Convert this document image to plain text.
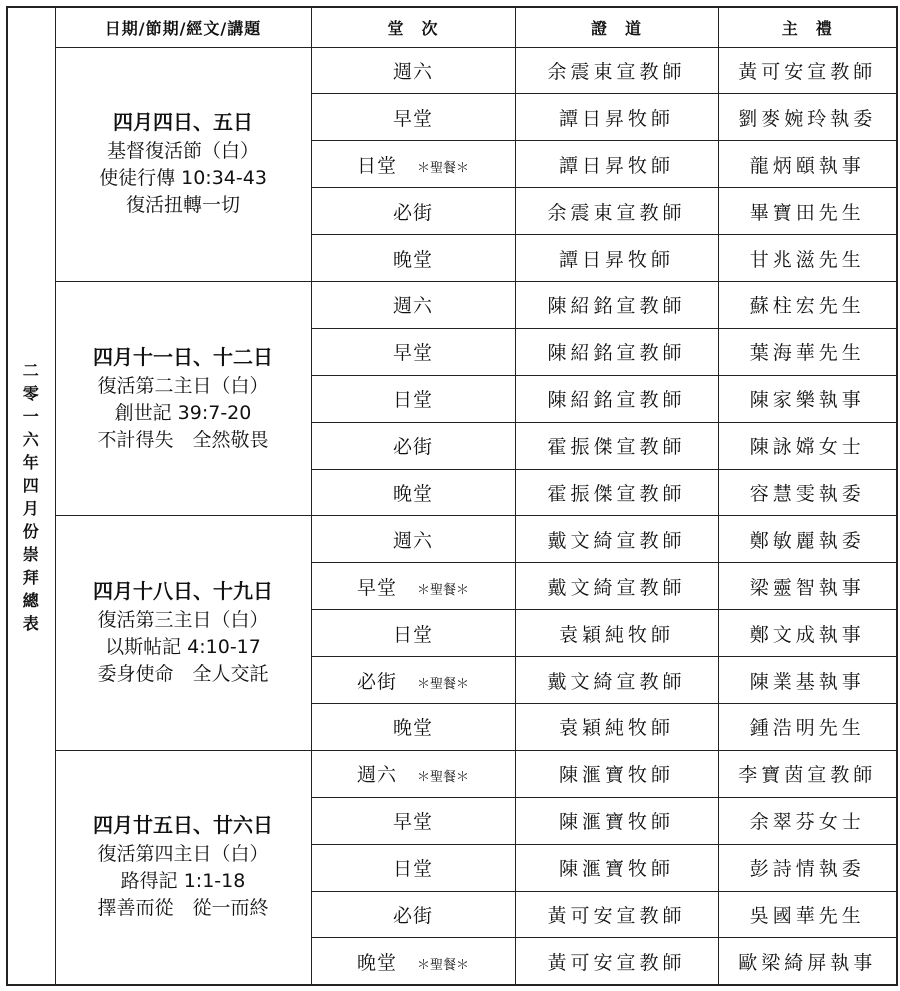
二零一六年四月份崇拜總表	日期/節期/經文/講題	堂　次	證　道	主　禮

	四月四日、五日
基督復活節（白）
使徒行傳 10:34-43
復活扭轉一切	週六	余震東宣教師	黃可安宣教師
		早堂	譚日昇牧師	劉麥婉玲執委
		日堂　 ＊聖餐＊	譚日昇牧師	龍炳頤執事
		必街	余震東宣教師	畢寶田先生
		晚堂	譚日昇牧師	甘兆滋先生

	四月十一日、十二日
復活第二主日（白）
創世記 39:7-20
不計得失　全然敬畏	週六	陳紹銘宣教師	蘇柱宏先生
		早堂	陳紹銘宣教師	葉海華先生
		日堂	陳紹銘宣教師	陳家樂執事
		必街	霍振傑宣教師	陳詠嫦女士
		晚堂	霍振傑宣教師	容慧雯執委

	四月十八日、十九日
復活第三主日（白）
以斯帖記 4:10-17
委身使命　全人交託	週六	戴文綺宣教師	鄭敏麗執委
		早堂　 ＊聖餐＊	戴文綺宣教師	梁靈智執事
		日堂	袁穎純牧師	鄭文成執事
		必街　 ＊聖餐＊	戴文綺宣教師	陳業基執事
		晚堂	袁穎純牧師	鍾浩明先生

	四月廿五日、廿六日
復活第四主日（白）
路得記 1:1-18
擇善而從　從一而終	週六　 ＊聖餐＊	陳滙寶牧師	李寶茵宣教師
		早堂	陳滙寶牧師	余翠芬女士
		日堂	陳滙寶牧師	彭詩情執委
		必街	黃可安宣教師	吳國華先生
		晚堂　 ＊聖餐＊	黃可安宣教師	歐梁綺屏執事
